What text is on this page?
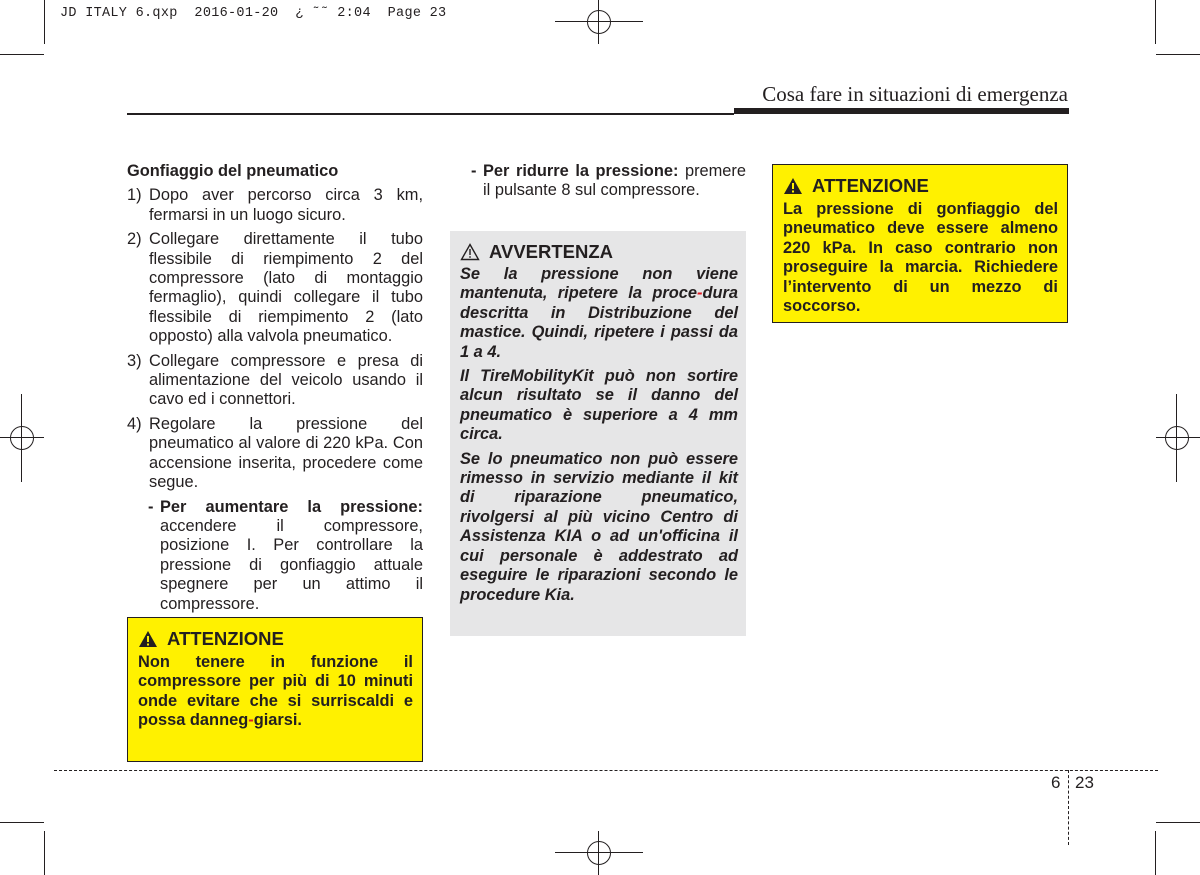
JD ITALY 6.qxp  2016-01-20  ¿ ˜˜ 2:04  Page 23
Cosa fare in situazioni di emergenza
Gonfiaggio del pneumatico
1) Dopo aver percorso circa 3 km, fermarsi in un luogo sicuro.
2) Collegare direttamente il tubo flessibile di riempimento 2 del compressore (lato di montaggio fermaglio), quindi collegare il tubo flessibile di riempimento 2 (lato opposto) alla valvola pneumatico.
3) Collegare compressore e presa di alimentazione del veicolo usando il cavo ed i connettori.
4) Regolare la pressione del pneumatico al valore di 220 kPa. Con accensione inserita, procedere come segue.
- Per aumentare la pressione: accendere il compressore, posizione I. Per controllare la pressione di gonfiaggio attuale spegnere per un attimo il compressore.
ATTENZIONE
Non tenere in funzione il compressore per più di 10 minuti onde evitare che si surriscaldi e possa danneg-giarsi.
- Per ridurre la pressione: premere il pulsante 8 sul compressore.
AVVERTENZA

Se la pressione non viene mantenuta, ripetere la proce-dura descritta in Distribuzione del mastice. Quindi, ripetere i passi da 1 a 4.

Il TireMobilityKit può non sortire alcun risultato se il danno del pneumatico è superiore a 4 mm circa.

Se lo pneumatico non può essere rimesso in servizio mediante il kit di riparazione pneumatico, rivolgersi al più vicino Centro di Assistenza KIA o ad un'officina il cui personale è addestrato ad eseguire le riparazioni secondo le procedure Kia.

ATTENZIONE
La pressione di gonfiaggio del pneumatico deve essere almeno 220 kPa. In caso contrario non proseguire la marcia. Richiedere l’intervento di un mezzo di soccorso.
6 23
